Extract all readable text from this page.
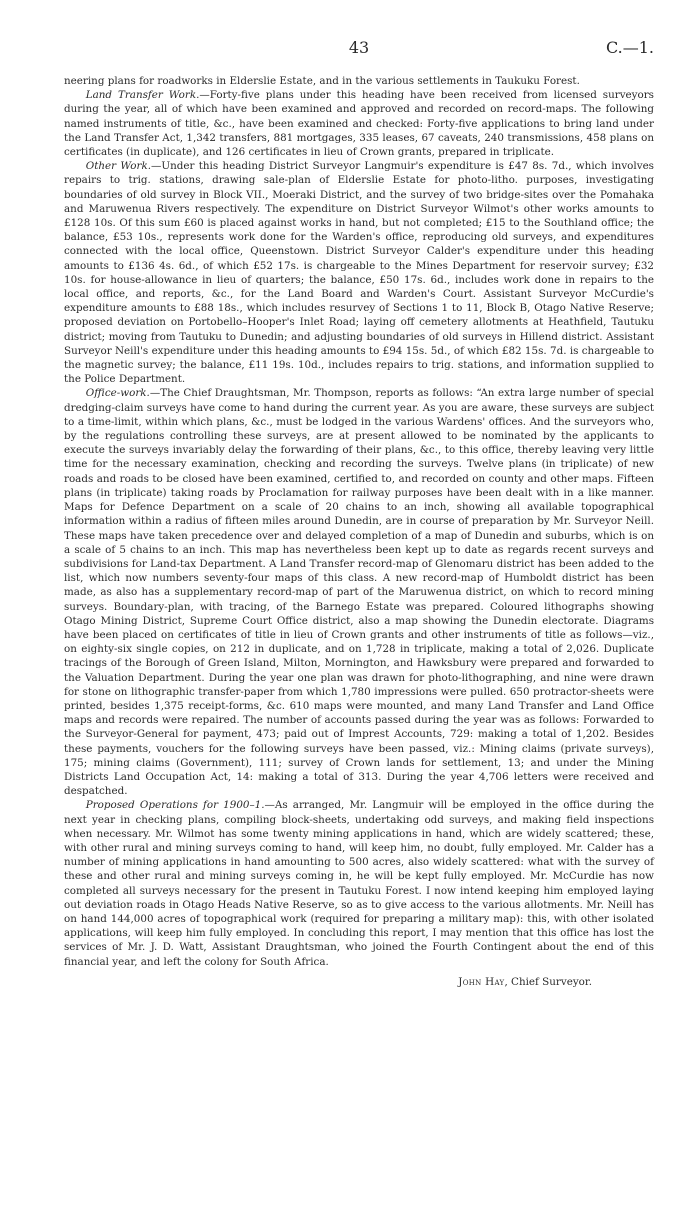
43	C.—1.

neering plans for roadworks in Elderslie Estate, and in the various settlements in Taukuku Forest.

Land Transfer Work.—Forty-five plans under this heading have been received from licensed surveyors during the year, all of which have been examined and approved and recorded on record-maps. The following named instruments of title, &c., have been examined and checked: Forty-five applications to bring land under the Land Transfer Act, 1,342 transfers, 881 mortgages, 335 leases, 67 caveats, 240 transmissions, 458 plans on certificates (in duplicate), and 126 certificates in lieu of Crown grants, prepared in triplicate.

Other Work.—Under this heading District Surveyor Langmuir's expenditure is £47 8s. 7d., which involves repairs to trig. stations, drawing sale-plan of Elderslie Estate for photo-litho. purposes, investigating boundaries of old survey in Block VII., Moeraki District, and the survey of two bridge-sites over the Pomahaka and Maruwenua Rivers respectively. The expenditure on District Surveyor Wilmot's other works amounts to £128 10s. Of this sum £60 is placed against works in hand, but not completed; £15 to the Southland office; the balance, £53 10s., represents work done for the Warden's office, reproducing old surveys, and expenditures connected with the local office, Queenstown. District Surveyor Calder's expenditure under this heading amounts to £136 4s. 6d., of which £52 17s. is chargeable to the Mines Department for reservoir survey; £32 10s. for house-allowance in lieu of quarters; the balance, £50 17s. 6d., includes work done in repairs to the local office, and reports, &c., for the Land Board and Warden's Court. Assistant Surveyor McCurdie's expenditure amounts to £88 18s., which includes resurvey of Sections 1 to 11, Block B, Otago Native Reserve; proposed deviation on Portobello–Hooper's Inlet Road; laying off cemetery allotments at Heathfield, Tautuku district; moving from Tautuku to Dunedin; and adjusting boundaries of old surveys in Hillend district. Assistant Surveyor Neill's expenditure under this heading amounts to £94 15s. 5d., of which £82 15s. 7d. is chargeable to the magnetic survey; the balance, £11 19s. 10d., includes repairs to trig. stations, and information supplied to the Police Department.

Office-work.—The Chief Draughtsman, Mr. Thompson, reports as follows: “An extra large number of special dredging-claim surveys have come to hand during the current year. As you are aware, these surveys are subject to a time-limit, within which plans, &c., must be lodged in the various Wardens' offices. And the surveyors who, by the regulations controlling these surveys, are at present allowed to be nominated by the applicants to execute the surveys invariably delay the forwarding of their plans, &c., to this office, thereby leaving very little time for the necessary examination, checking and recording the surveys. Twelve plans (in triplicate) of new roads and roads to be closed have been examined, certified to, and recorded on county and other maps. Fifteen plans (in triplicate) taking roads by Proclamation for railway purposes have been dealt with in a like manner. Maps for Defence Department on a scale of 20 chains to an inch, showing all available topographical information within a radius of fifteen miles around Dunedin, are in course of preparation by Mr. Surveyor Neill. These maps have taken precedence over and delayed completion of a map of Dunedin and suburbs, which is on a scale of 5 chains to an inch. This map has nevertheless been kept up to date as regards recent surveys and subdivisions for Land-tax Department. A Land Transfer record-map of Glenomaru district has been added to the list, which now numbers seventy-four maps of this class. A new record-map of Humboldt district has been made, as also has a supplementary record-map of part of the Maruwenua district, on which to record mining surveys. Boundary-plan, with tracing, of the Barnego Estate was prepared. Coloured lithographs showing Otago Mining District, Supreme Court Office district, also a map showing the Dunedin electorate. Diagrams have been placed on certificates of title in lieu of Crown grants and other instruments of title as follows—viz., on eighty-six single copies, on 212 in duplicate, and on 1,728 in triplicate, making a total of 2,026. Duplicate tracings of the Borough of Green Island, Milton, Mornington, and Hawksbury were prepared and forwarded to the Valuation Department. During the year one plan was drawn for photo-lithographing, and nine were drawn for stone on lithographic transfer-paper from which 1,780 impressions were pulled. 650 protractor-sheets were printed, besides 1,375 receipt-forms, &c. 610 maps were mounted, and many Land Transfer and Land Office maps and records were repaired. The number of accounts passed during the year was as follows: Forwarded to the Surveyor-General for payment, 473; paid out of Imprest Accounts, 729: making a total of 1,202. Besides these payments, vouchers for the following surveys have been passed, viz.: Mining claims (private surveys), 175; mining claims (Government), 111; survey of Crown lands for settlement, 13; and under the Mining Districts Land Occupation Act, 14: making a total of 313. During the year 4,706 letters were received and despatched.

Proposed Operations for 1900–1.—As arranged, Mr. Langmuir will be employed in the office during the next year in checking plans, compiling block-sheets, undertaking odd surveys, and making field inspections when necessary. Mr. Wilmot has some twenty mining applications in hand, which are widely scattered; these, with other rural and mining surveys coming to hand, will keep him, no doubt, fully employed. Mr. Calder has a number of mining applications in hand amounting to 500 acres, also widely scattered: what with the survey of these and other rural and mining surveys coming in, he will be kept fully employed. Mr. McCurdie has now completed all surveys necessary for the present in Tautuku Forest. I now intend keeping him employed laying out deviation roads in Otago Heads Native Reserve, so as to give access to the various allotments. Mr. Neill has on hand 144,000 acres of topographical work (required for preparing a military map): this, with other isolated applications, will keep him fully employed. In concluding this report, I may mention that this office has lost the services of Mr. J. D. Watt, Assistant Draughtsman, who joined the Fourth Contingent about the end of this financial year, and left the colony for South Africa.

John Hay, Chief Surveyor.
